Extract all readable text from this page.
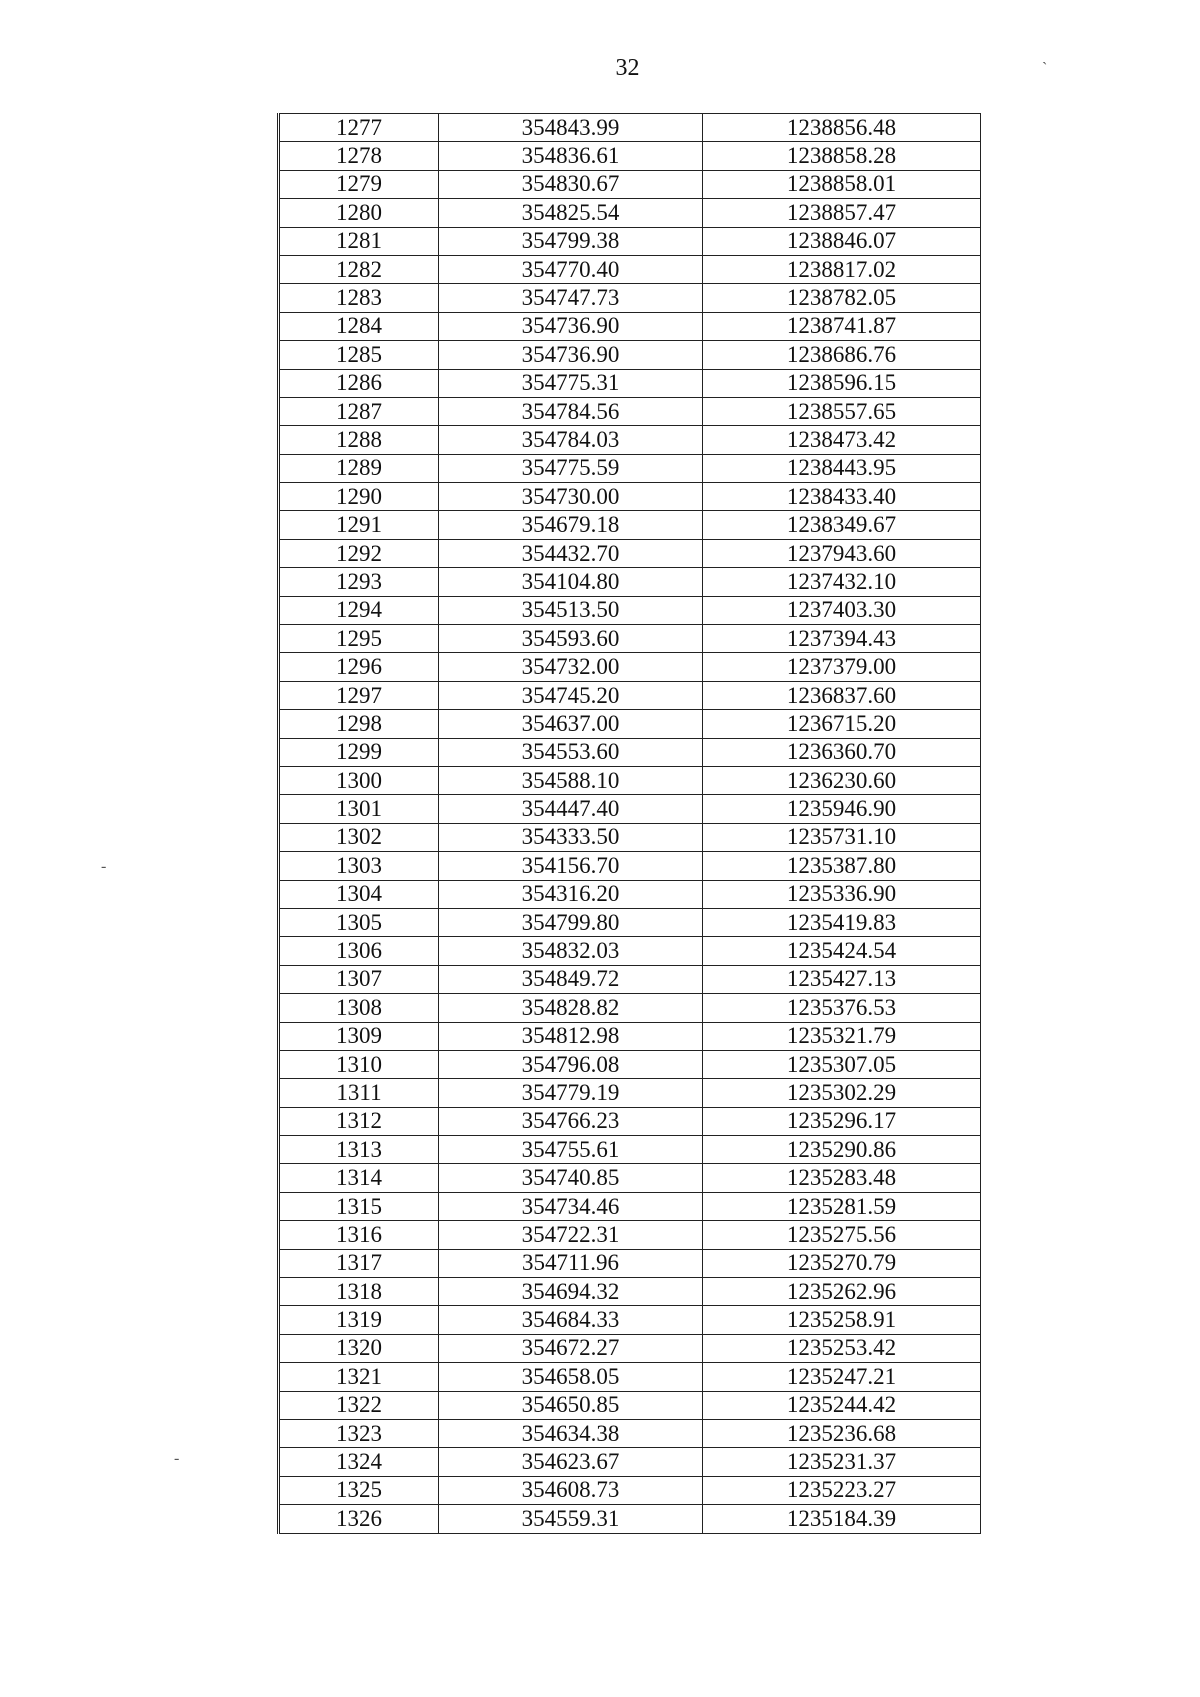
32	`
-
-
1277	354843.99	1238856.48
1278	354836.61	1238858.28
1279	354830.67	1238858.01
1280	354825.54	1238857.47
1281	354799.38	1238846.07
1282	354770.40	1238817.02
1283	354747.73	1238782.05
1284	354736.90	1238741.87
1285	354736.90	1238686.76
1286	354775.31	1238596.15
1287	354784.56	1238557.65
1288	354784.03	1238473.42
1289	354775.59	1238443.95
1290	354730.00	1238433.40
1291	354679.18	1238349.67
1292	354432.70	1237943.60
1293	354104.80	1237432.10
1294	354513.50	1237403.30
1295	354593.60	1237394.43
1296	354732.00	1237379.00
1297	354745.20	1236837.60
1298	354637.00	1236715.20
1299	354553.60	1236360.70
1300	354588.10	1236230.60
1301	354447.40	1235946.90
1302	354333.50	1235731.10
1303	354156.70	1235387.80
1304	354316.20	1235336.90
1305	354799.80	1235419.83
1306	354832.03	1235424.54
1307	354849.72	1235427.13
1308	354828.82	1235376.53
1309	354812.98	1235321.79
1310	354796.08	1235307.05
1311	354779.19	1235302.29
1312	354766.23	1235296.17
1313	354755.61	1235290.86
1314	354740.85	1235283.48
1315	354734.46	1235281.59
1316	354722.31	1235275.56
1317	354711.96	1235270.79
1318	354694.32	1235262.96
1319	354684.33	1235258.91
1320	354672.27	1235253.42
1321	354658.05	1235247.21
1322	354650.85	1235244.42
1323	354634.38	1235236.68
1324	354623.67	1235231.37
1325	354608.73	1235223.27
1326	354559.31	1235184.39
